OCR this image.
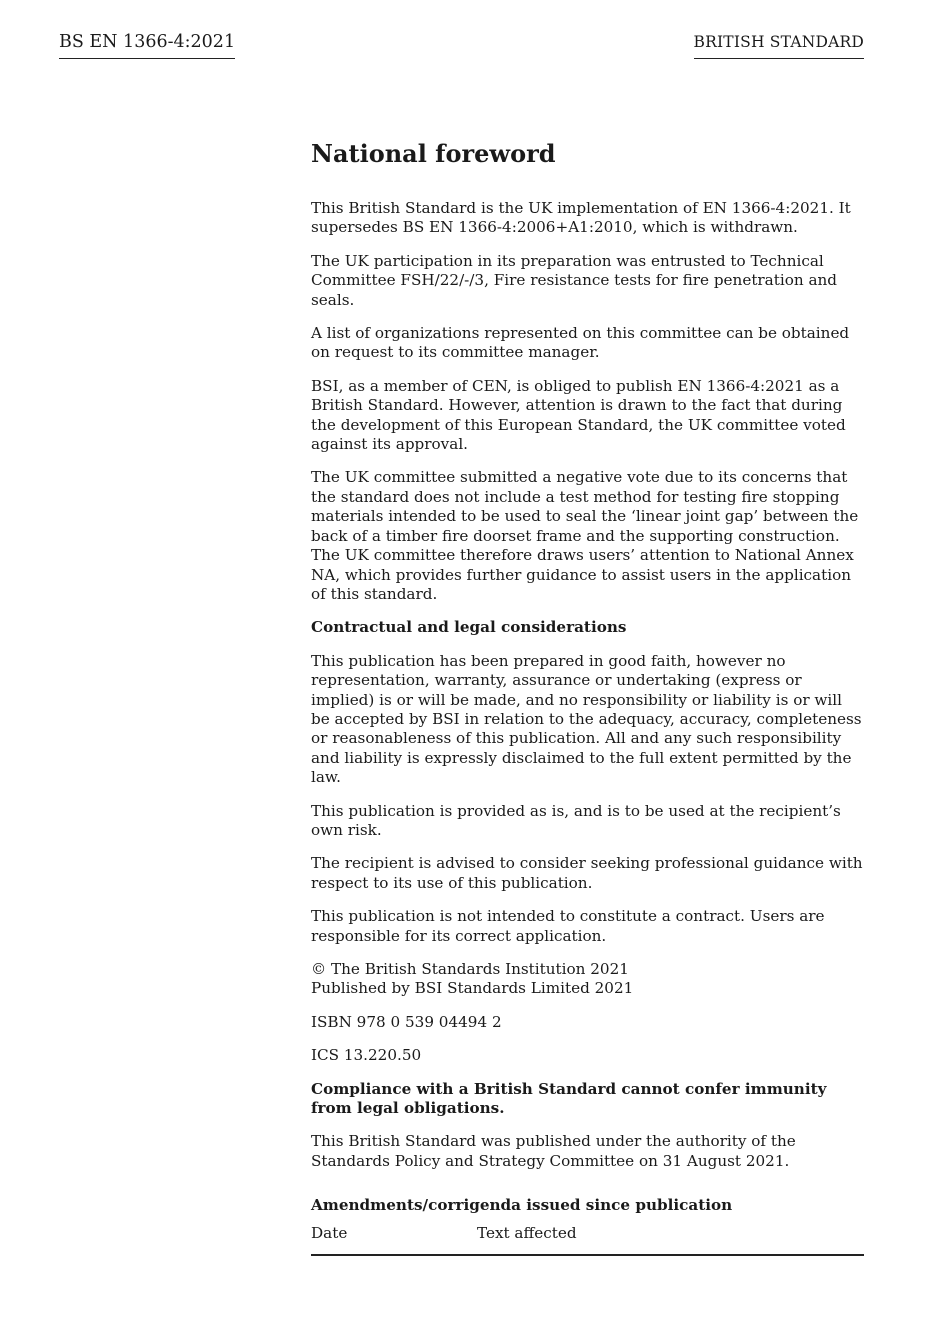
BS EN 1366-4:2021	BRITISH STANDARD
National foreword

This British Standard is the UK implementation of EN 1366-4:2021. It supersedes BS EN 1366-4:2006+A1:2010, which is withdrawn.

The UK participation in its preparation was entrusted to Technical Committee FSH/22/-/3, Fire resistance tests for fire penetration and seals.

A list of organizations represented on this committee can be obtained on request to its committee manager.

BSI, as a member of CEN, is obliged to publish EN 1366-4:2021 as a British Standard. However, attention is drawn to the fact that during the development of this European Standard, the UK committee voted against its approval.

The UK committee submitted a negative vote due to its concerns that the standard does not include a test method for testing fire stopping materials intended to be used to seal the ‘linear joint gap’ between the back of a timber fire doorset frame and the supporting construction. The UK committee therefore draws users’ attention to National Annex NA, which provides further guidance to assist users in the application of this standard.

Contractual and legal considerations

This publication has been prepared in good faith, however no representation, warranty, assurance or undertaking (express or implied) is or will be made, and no responsibility or liability is or will be accepted by BSI in relation to the adequacy, accuracy, completeness or reasonableness of this publication. All and any such responsibility and liability is expressly disclaimed to the full extent permitted by the law.

This publication is provided as is, and is to be used at the recipient’s own risk.

The recipient is advised to consider seeking professional guidance with respect to its use of this publication.

This publication is not intended to constitute a contract. Users are responsible for its correct application.

© The British Standards Institution 2021
Published by BSI Standards Limited 2021

ISBN 978 0 539 04494 2

ICS 13.220.50

Compliance with a British Standard cannot confer immunity from legal obligations.

This British Standard was published under the authority of the Standards Policy and Strategy Committee on 31 August 2021.

Amendments/corrigenda issued since publication
Date	Text affected
